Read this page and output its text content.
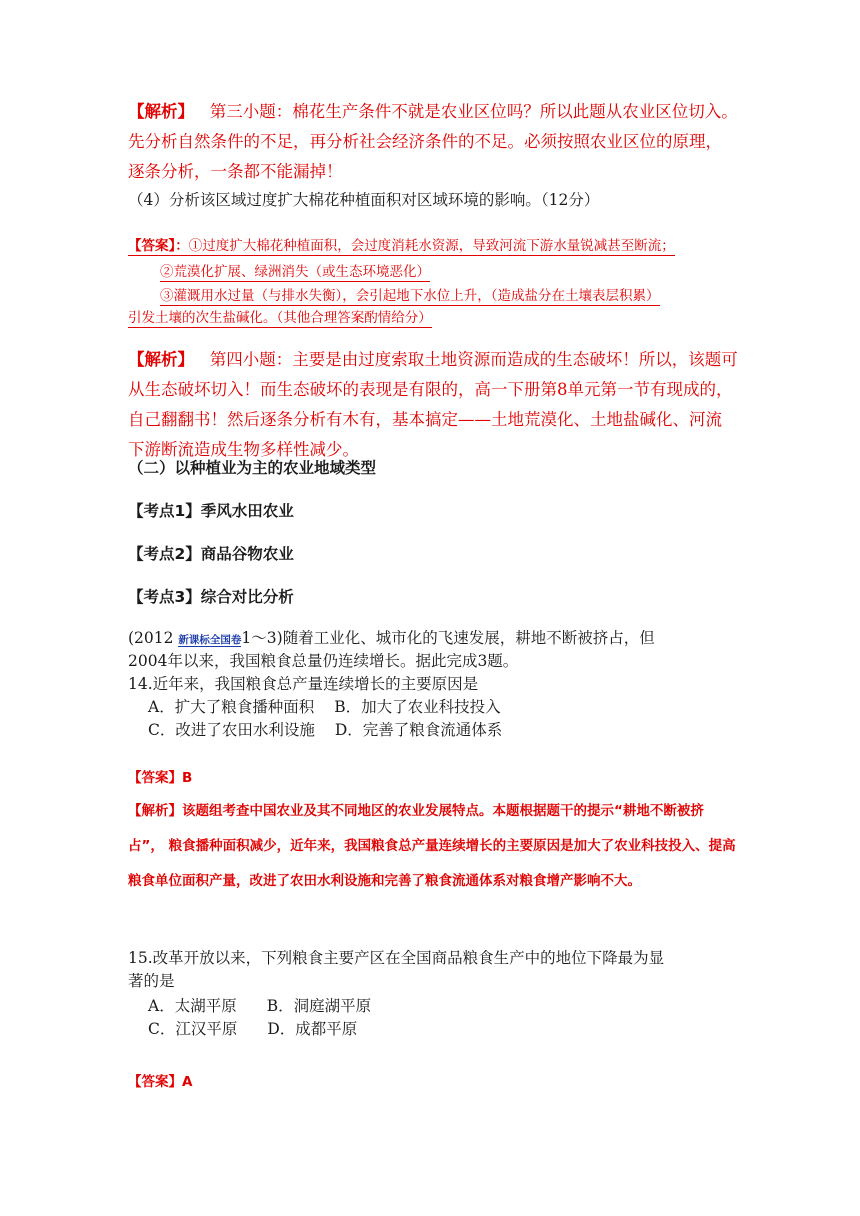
【解析】 第三小题：棉花生产条件不就是农业区位吗？所以此题从农业区位切入。先分析自然条件的不足，再分析社会经济条件的不足。必须按照农业区位的原理，逐条分析，一条都不能漏掉！

（4）分析该区域过度扩大棉花种植面积对区域环境的影响。（12分）
【答案】：①过度扩大棉花种植面积，会过度消耗水资源，导致河流下游水量锐减甚至断流；
②荒漠化扩展、绿洲消失（或生态环境恶化）
③灌溉用水过量（与排水失衡），会引起地下水位上升，（造成盐分在土壤表层积累）
引发土壤的次生盐碱化。（其他合理答案酌情给分）

【解析】 第四小题：主要是由过度索取土地资源而造成的生态破坏！所以，该题可从生态破坏切入！而生态破坏的表现是有限的，高一下册第8单元第一节有现成的，自己翻翻书！然后逐条分析有木有，基本搞定——土地荒漠化、土地盐碱化、河流下游断流造成生物多样性减少。

（二）以种植业为主的农业地域类型
【考点1】季风水田农业
【考点2】商品谷物农业
【考点3】综合对比分析
(2012 新课标全国卷1～3)随着工业化、城市化的飞速发展，耕地不断被挤占，但
2004年以来，我国粮食总量仍连续增长。据此完成3题。
14.近年来，我国粮食总产量连续增长的主要原因是
A．扩大了粮食播种面积 B．加大了农业科技投入
C．改进了农田水利设施 D．完善了粮食流通体系
【答案】B
【解析】该题组考查中国农业及其不同地区的农业发展特点。本题根据题干的提示“耕地不断被挤占”， 粮食播种面积减少，近年来，我国粮食总产量连续增长的主要原因是加大了农业科技投入、提高粮食单位面积产量，改进了农田水利设施和完善了粮食流通体系对粮食增产影响不大。
15.改革开放以来，下列粮食主要产区在全国商品粮食生产中的地位下降最为显
著的是
A．太湖平原 B．洞庭湖平原
C．江汉平原 D．成都平原
【答案】A
